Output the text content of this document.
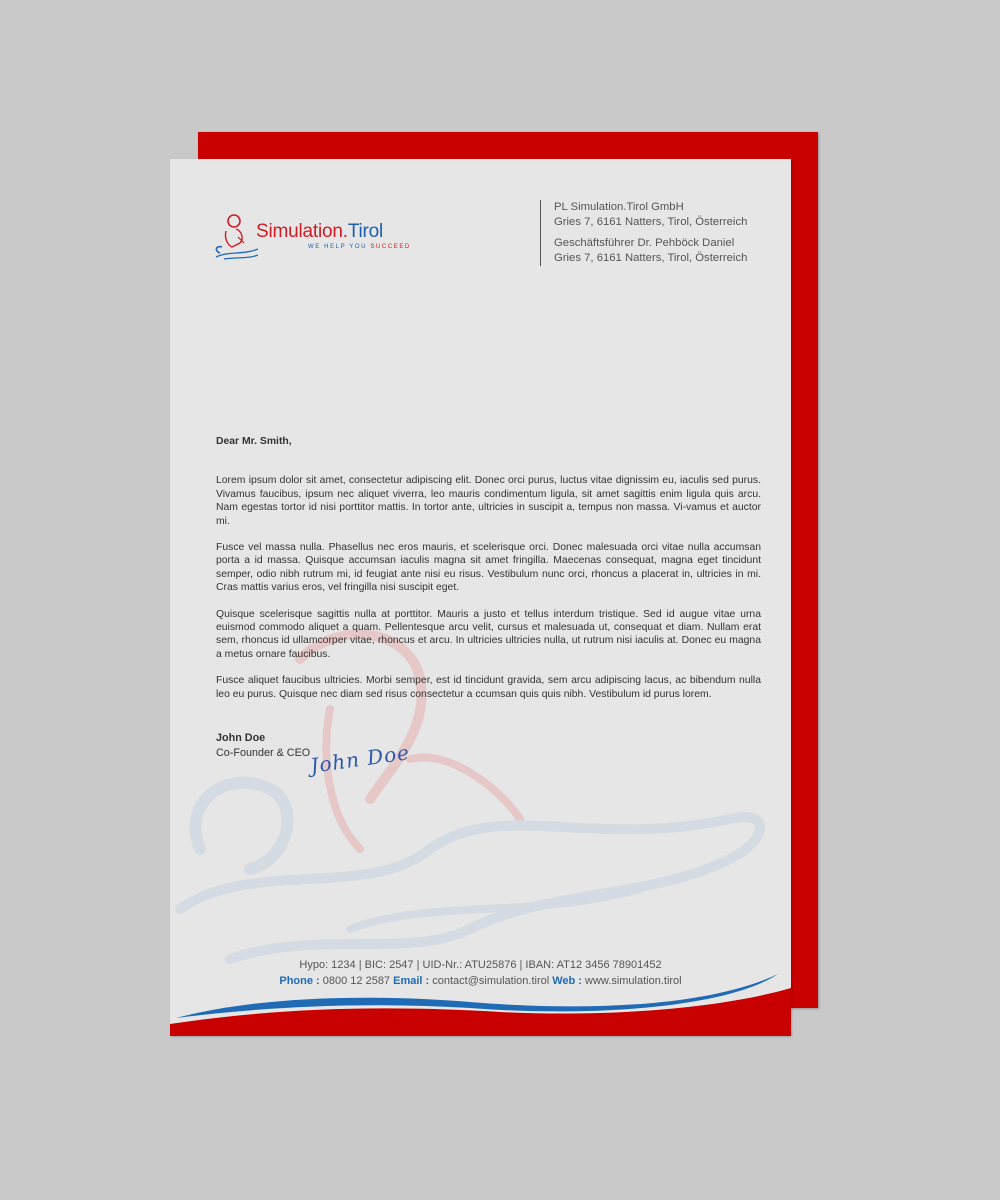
Simulation.Tirol
WE HELP YOU SUCCEED
PL Simulation.Tirol GmbH
Gries 7, 6161 Natters, Tirol, Österreich
Geschäftsführer Dr. Pehböck Daniel
Gries 7, 6161 Natters, Tirol, Österreich
Dear Mr. Smith,

Lorem ipsum dolor sit amet, consectetur adipiscing elit. Donec orci purus, luctus vitae dignissim eu, iaculis sed purus. Vivamus faucibus, ipsum nec aliquet viverra, leo mauris condimentum ligula, sit amet sagittis enim ligula quis arcu. Nam egestas tortor id nisi porttitor mattis. In tortor ante, ultricies in suscipit a, tempus non massa. Vi-vamus et auctor mi.

Fusce vel massa nulla. Phasellus nec eros mauris, et scelerisque orci. Donec malesuada orci vitae nulla accumsan porta a id massa. Quisque accumsan iaculis magna sit amet fringilla. Maecenas consequat, magna eget tincidunt semper, odio nibh rutrum mi, id feugiat ante nisi eu risus. Vestibulum nunc orci, rhoncus a placerat in, ultricies in mi. Cras mattis varius eros, vel fringilla nisi suscipit eget.

Quisque scelerisque sagittis nulla at porttitor. Mauris a justo et tellus interdum tristique. Sed id augue vitae urna euismod commodo aliquet a quam. Pellentesque arcu velit, cursus et malesuada ut, consequat et diam. Nullam erat sem, rhoncus id ullamcorper vitae, rhoncus et arcu. In ultricies ultricies nulla, ut rutrum nisi iaculis at. Donec eu magna a metus ornare faucibus.

Fusce aliquet faucibus ultricies. Morbi semper, est id tincidunt gravida, sem arcu adipiscing lacus, ac bibendum nulla leo eu purus. Quisque nec diam sed risus consectetur a ccumsan quis quis nibh. Vestibulum id purus lorem.

John Doe
Co-Founder & CEO
John Doe
Hypo: 1234 | BIC: 2547 | UID-Nr.: ATU25876 | IBAN: AT12 3456 78901452
Phone : 0800 12 2587 Email : contact@simulation.tirol Web : www.simulation.tirol
